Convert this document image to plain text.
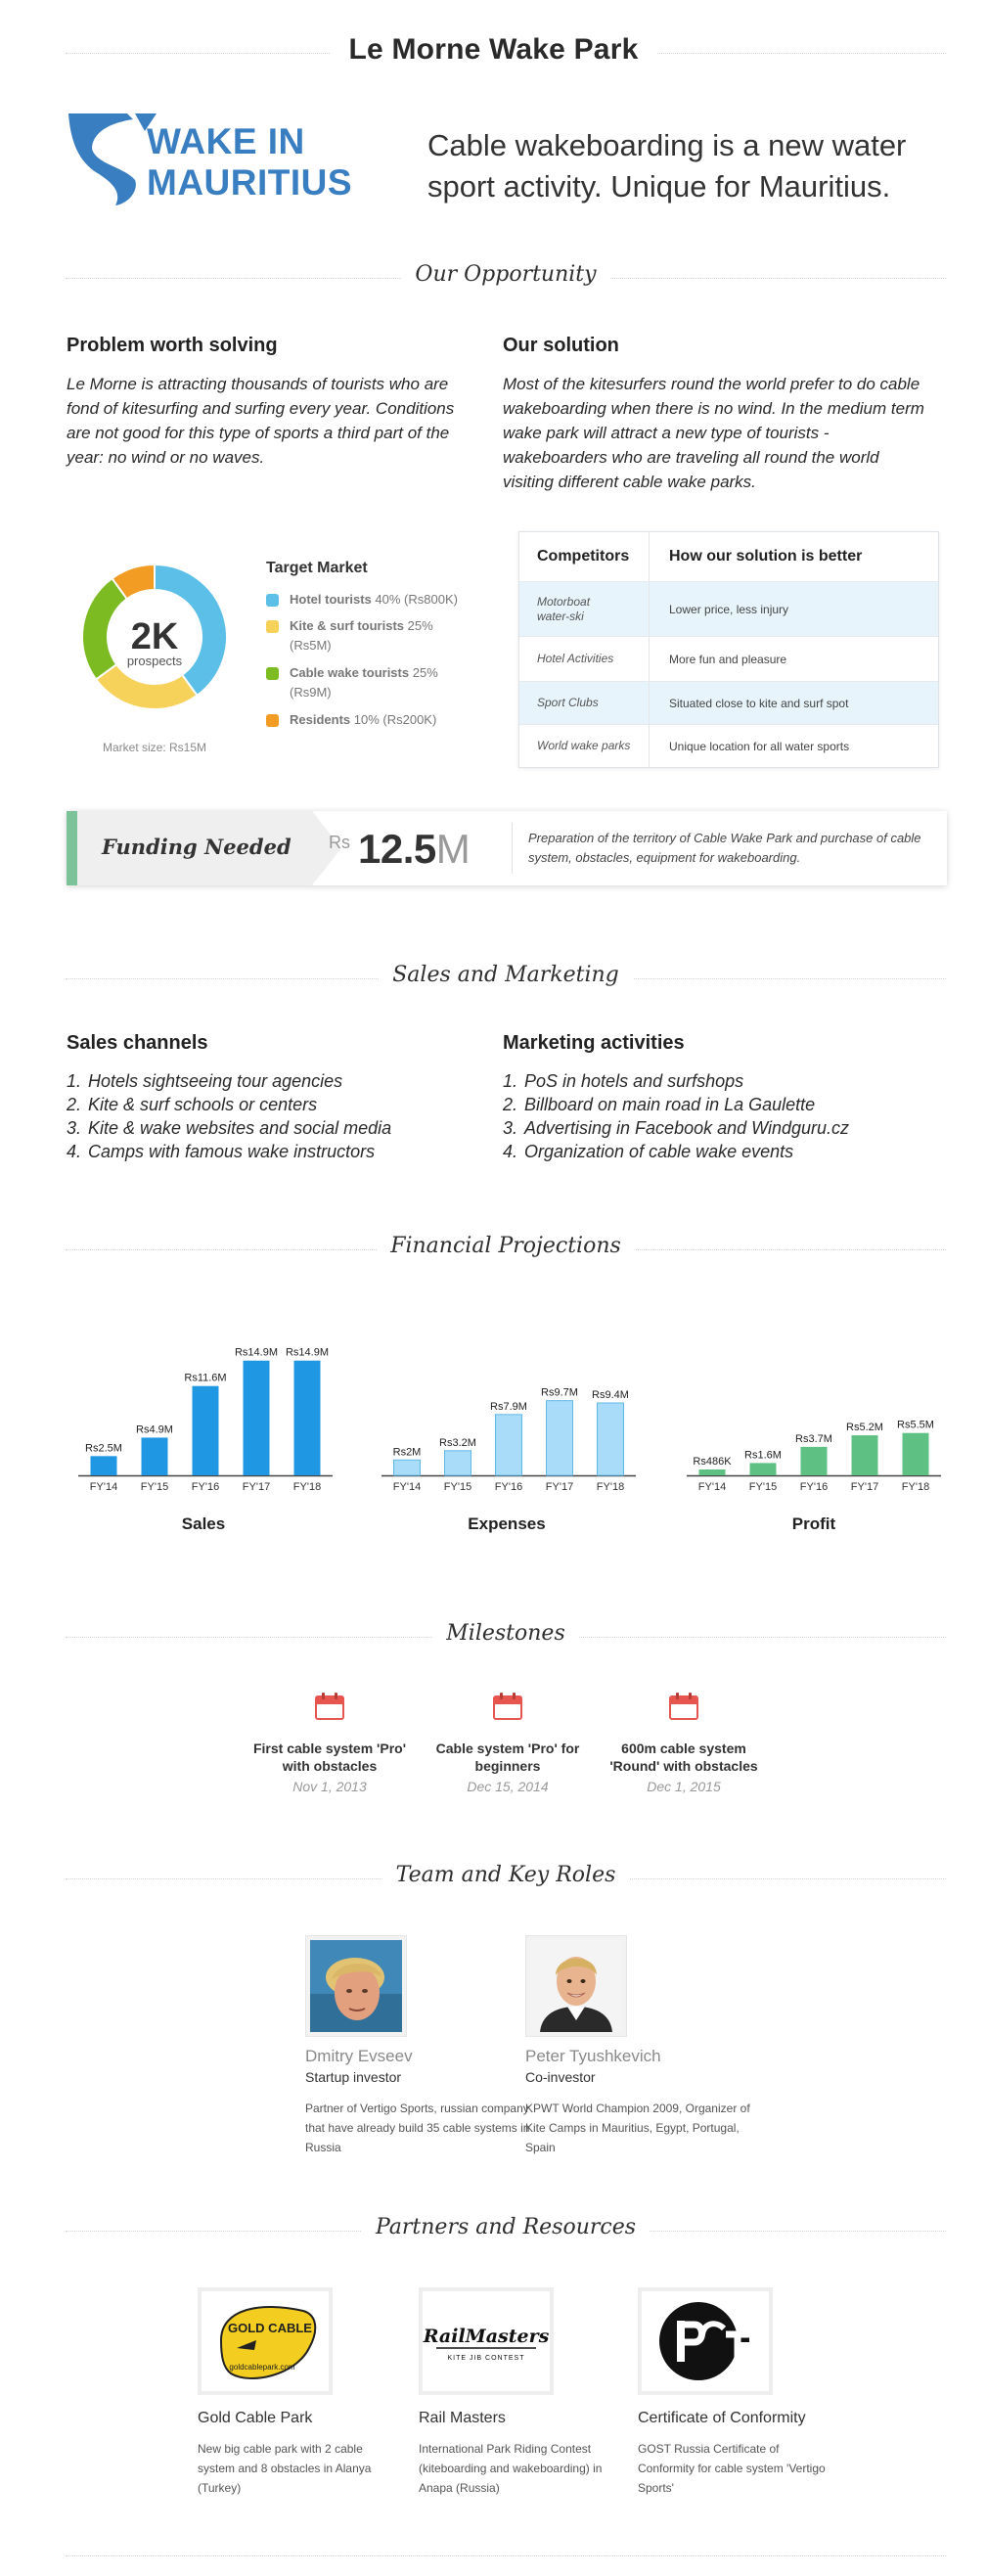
Le Morne Wake Park
WAKE IN
MAURITIUS
Cable wakeboarding is a new water sport activity. Unique for Mauritius.
Our Opportunity
Problem worth solving

Le Morne is attracting thousands of tourists who are fond of kitesurfing and surfing every year. Conditions are not good for this type of sports a third part of the year: no wind or no waves.

Our solution

Most of the kitesurfers round the world prefer to do cable wakeboarding when there is no wind. In the medium term wake park will attract a new type of tourists - wakeboarders who are traveling all round the world visiting different cable wake parks.

2K
prospects
Market size: Rs15M
Target Market
Hotel tourists 40% (Rs800K)
Kite & surf tourists 25% (Rs5M)
Cable wake tourists 25% (Rs9M)
Residents 10% (Rs200K)
Competitors	How our solution is better
Motorboat water-ski	Lower price, less injury
Hotel Activities	More fun and pleasure
Sport Clubs	Situated close to kite and surf spot
World wake parks	Unique location for all water sports
Funding Needed Rs 12.5M	Preparation of the territory of Cable Wake Park and purchase of cable system, obstacles, equipment for wakeboarding.
Sales and Marketing
Sales channels
1. Hotels sightseeing tour agencies
2. Kite & surf schools or centers
3. Kite & wake websites and social media
4. Camps with famous wake instructors
Marketing activities
1. PoS in hotels and surfshops
2. Billboard on main road in La Gaulette
3. Advertising in Facebook and Windguru.cz
4. Organization of cable wake events
Financial Projections
Rs2.5M
FY'14
Rs4.9M
FY'15
Rs11.6M
FY'16
Rs14.9M
FY'17
Rs14.9M
FY'18
Rs2M
FY'14
Rs3.2M
FY'15
Rs7.9M
FY'16
Rs9.7M
FY'17
Rs9.4M
FY'18
Rs486K
FY'14
Rs1.6M
FY'15
Rs3.7M
FY'16
Rs5.2M
FY'17
Rs5.5M
FY'18
Sales	Expenses	Profit
Milestones
First cable system 'Pro' with obstacles
Nov 1, 2013
Cable system 'Pro' for beginners
Dec 15, 2014
600m cable system 'Round' with obstacles
Dec 1, 2015
Team and Key Roles
Dmitry Evseev
Startup investor
Partner of Vertigo Sports, russian company that have already build 35 cable systems in Russia
Peter Tyushkevich
Co-investor
KPWT World Champion 2009, Organizer of Kite Camps in Mauritius, Egypt, Portugal, Spain
Partners and Resources
GOLD CABLE
goldcablepark.com
Gold Cable Park
New big cable park with 2 cable system and 8 obstacles in Alanya (Turkey)
RailMasters
KITE JIB CONTEST
Rail Masters
International Park Riding Contest (kiteboarding and wakeboarding) in Anapa (Russia)
Certificate of Conformity
GOST Russia Certificate of Conformity for cable system 'Vertigo Sports'
